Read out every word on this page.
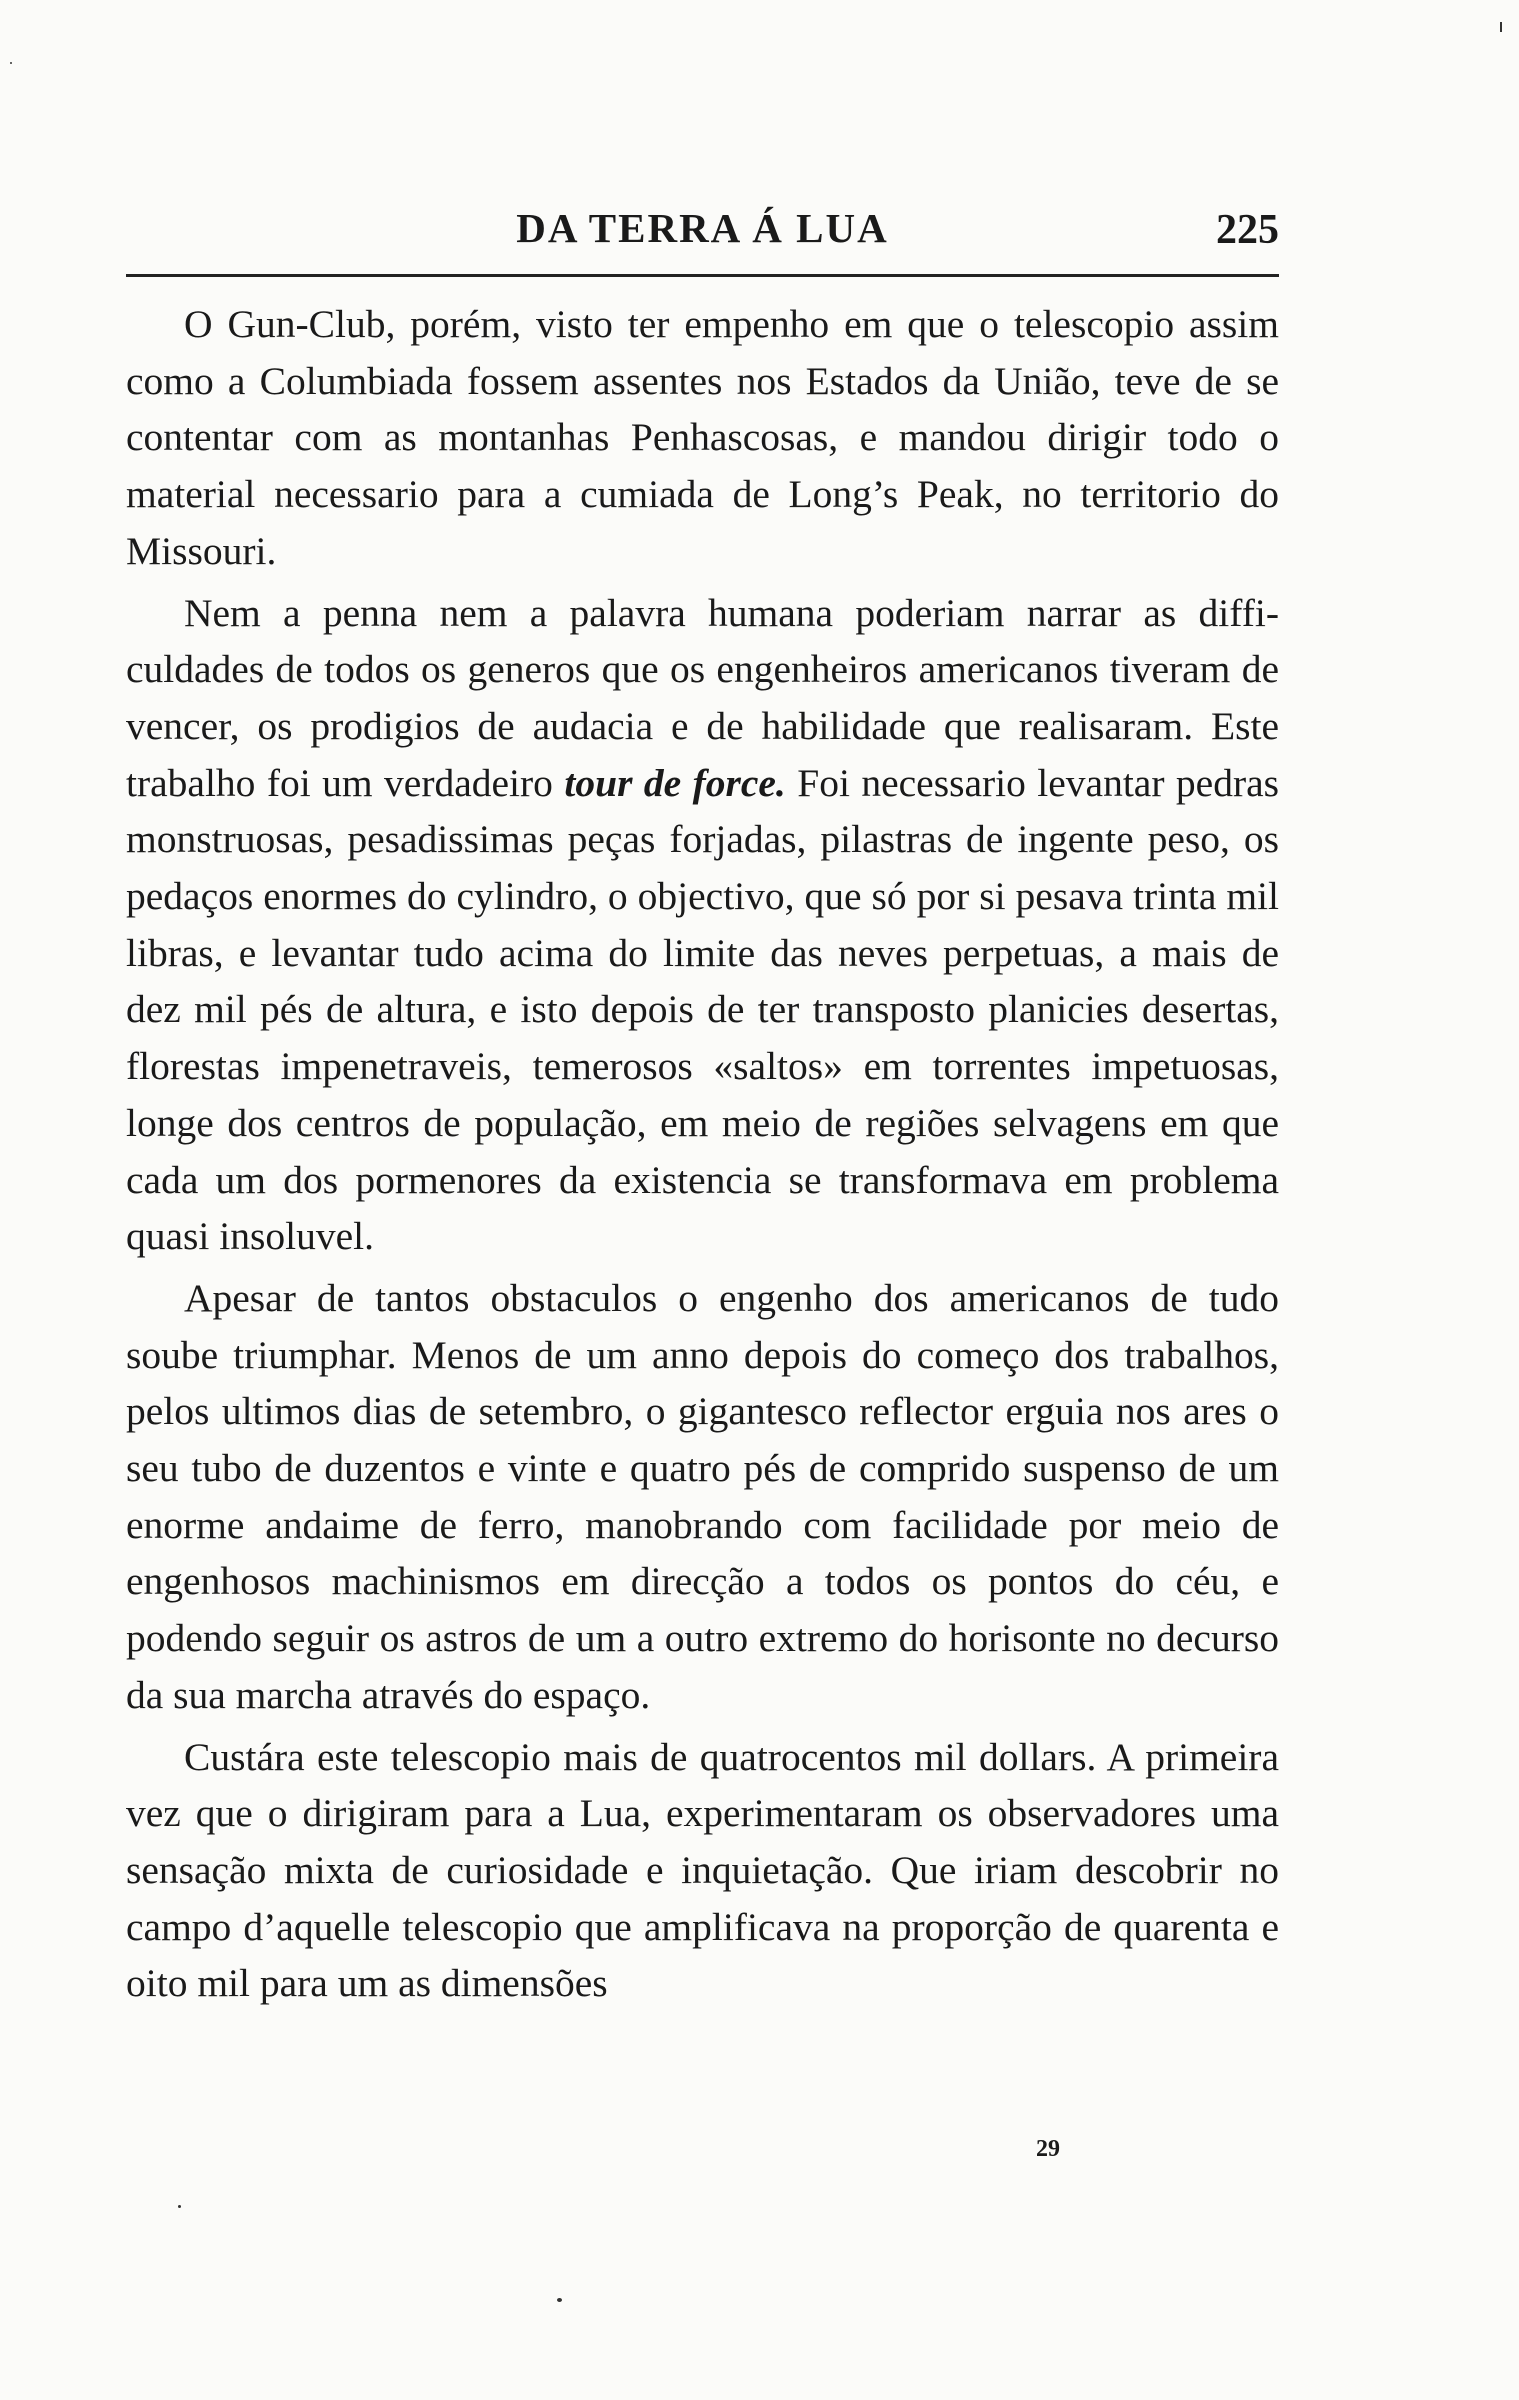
DA TERRA Á LUA	225

O Gun-Club, porém, visto ter empenho em que o telescopio assim como a Columbiada fossem assentes nos Estados da União, teve de se contentar com as montanhas Penhascosas, e mandou dirigir todo o material necessario para a cumiada de Long’s Peak, no territorio do Missouri.

Nem a penna nem a palavra humana poderiam narrar as difficuldades de todos os generos que os engenheiros americanos tiveram de vencer, os prodigios de audacia e de habilidade que realisaram. Este trabalho foi um verdadeiro tour de force. Foi necessario levantar pedras monstruosas, pesadissimas peças forjadas, pilastras de ingente peso, os pedaços enormes do cylindro, o objectivo, que só por si pesava trinta mil libras, e levantar tudo acima do limite das neves perpetuas, a mais de dez mil pés de altura, e isto depois de ter transposto planicies desertas, florestas impenetraveis, temerosos «saltos» em torrentes impetuosas, longe dos centros de população, em meio de regiões selvagens em que cada um dos pormenores da existencia se transformava em problema quasi insoluvel.

Apesar de tantos obstaculos o engenho dos americanos de tudo soube triumphar. Menos de um anno depois do começo dos trabalhos, pelos ultimos dias de setembro, o gigantesco reflector erguia nos ares o seu tubo de duzentos e vinte e quatro pés de comprido suspenso de um enorme andaime de ferro, manobrando com facilidade por meio de engenhosos machinismos em direcção a todos os pontos do céu, e podendo seguir os astros de um a outro extremo do horisonte no decurso da sua marcha através do espaço.

Custára este telescopio mais de quatrocentos mil dollars. A primeira vez que o dirigiram para a Lua, experimentaram os observadores uma sensação mixta de curiosidade e inquietação. Que iriam descobrir no campo d’aquelle telescopio que amplificava na proporção de quarenta e oito mil para um as dimensões

29
